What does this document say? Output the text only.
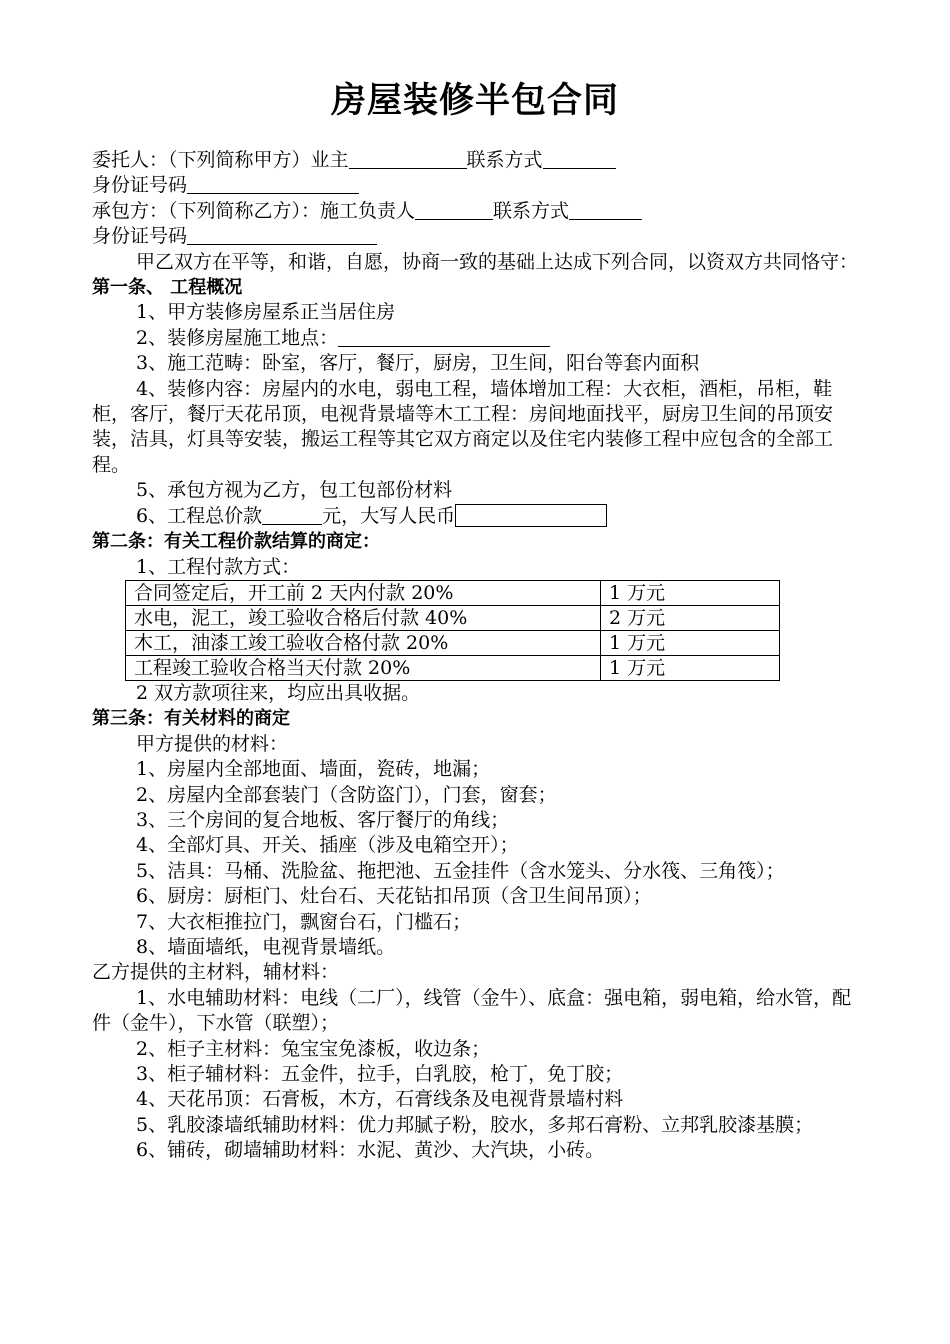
房屋装修半包合同

委托人：（下列简称甲方）业主	联系方式

身份证号码

承包方：（下列简称乙方）：施工负责人	联系方式

身份证号码

甲乙双方在平等，和谐，自愿，协商一致的基础上达成下列合同，以资双方共同恪守：

第一条、 工程概况

1、甲方装修房屋系正当居住房

2、装修房屋施工地点：

3、施工范畴：卧室，客厅，餐厅，厨房，卫生间，阳台等套内面积

4、装修内容：房屋内的水电，弱电工程，墙体增加工程：大衣柜，酒柜，吊柜，鞋柜，客厅，餐厅天花吊顶，电视背景墙等木工工程：房间地面找平，厨房卫生间的吊顶安装，洁具，灯具等安装，搬运工程等其它双方商定以及住宅内装修工程中应包含的全部工程。

5、承包方视为乙方，包工包部份材料

6、工程总价款	元，大写人民币

第二条：有关工程价款结算的商定：

1、工程付款方式：

合同签定后，开工前 2 天内付款 20%	1 万元
水电，泥工，竣工验收合格后付款 40%	2 万元
木工，油漆工竣工验收合格付款 20%	1 万元
工程竣工验收合格当天付款 20%	1 万元

2 双方款项往来，均应出具收据。

第三条：有关材料的商定

甲方提供的材料：

1、房屋内全部地面、墙面，瓷砖，地漏；

2、房屋内全部套装门（含防盗门），门套，窗套；

3、三个房间的复合地板、客厅餐厅的角线；

4、全部灯具、开关、插座（涉及电箱空开）；

5、洁具：马桶、洗脸盆、拖把池、五金挂件（含水笼头、分水筏、三角筏）；

6、厨房：厨柜门、灶台石、天花钻扣吊顶（含卫生间吊顶）；

7、大衣柜推拉门，飘窗台石，门槛石；

8、墙面墙纸，电视背景墙纸。

乙方提供的主材料，辅材料：

1、水电辅助材料：电线（二厂），线管（金牛）、底盒：强电箱，弱电箱，给水管，配件（金牛），下水管（联塑）；

2、柜子主材料：兔宝宝免漆板，收边条；

3、柜子辅材料：五金件，拉手，白乳胶，枪丁，免丁胶；

4、天花吊顶：石膏板，木方，石膏线条及电视背景墙村料

5、乳胶漆墙纸辅助材料：优力邦腻子粉，胶水，多邦石膏粉、立邦乳胶漆基膜；

6、铺砖，砌墙辅助材料：水泥、黄沙、大汽块，小砖。
